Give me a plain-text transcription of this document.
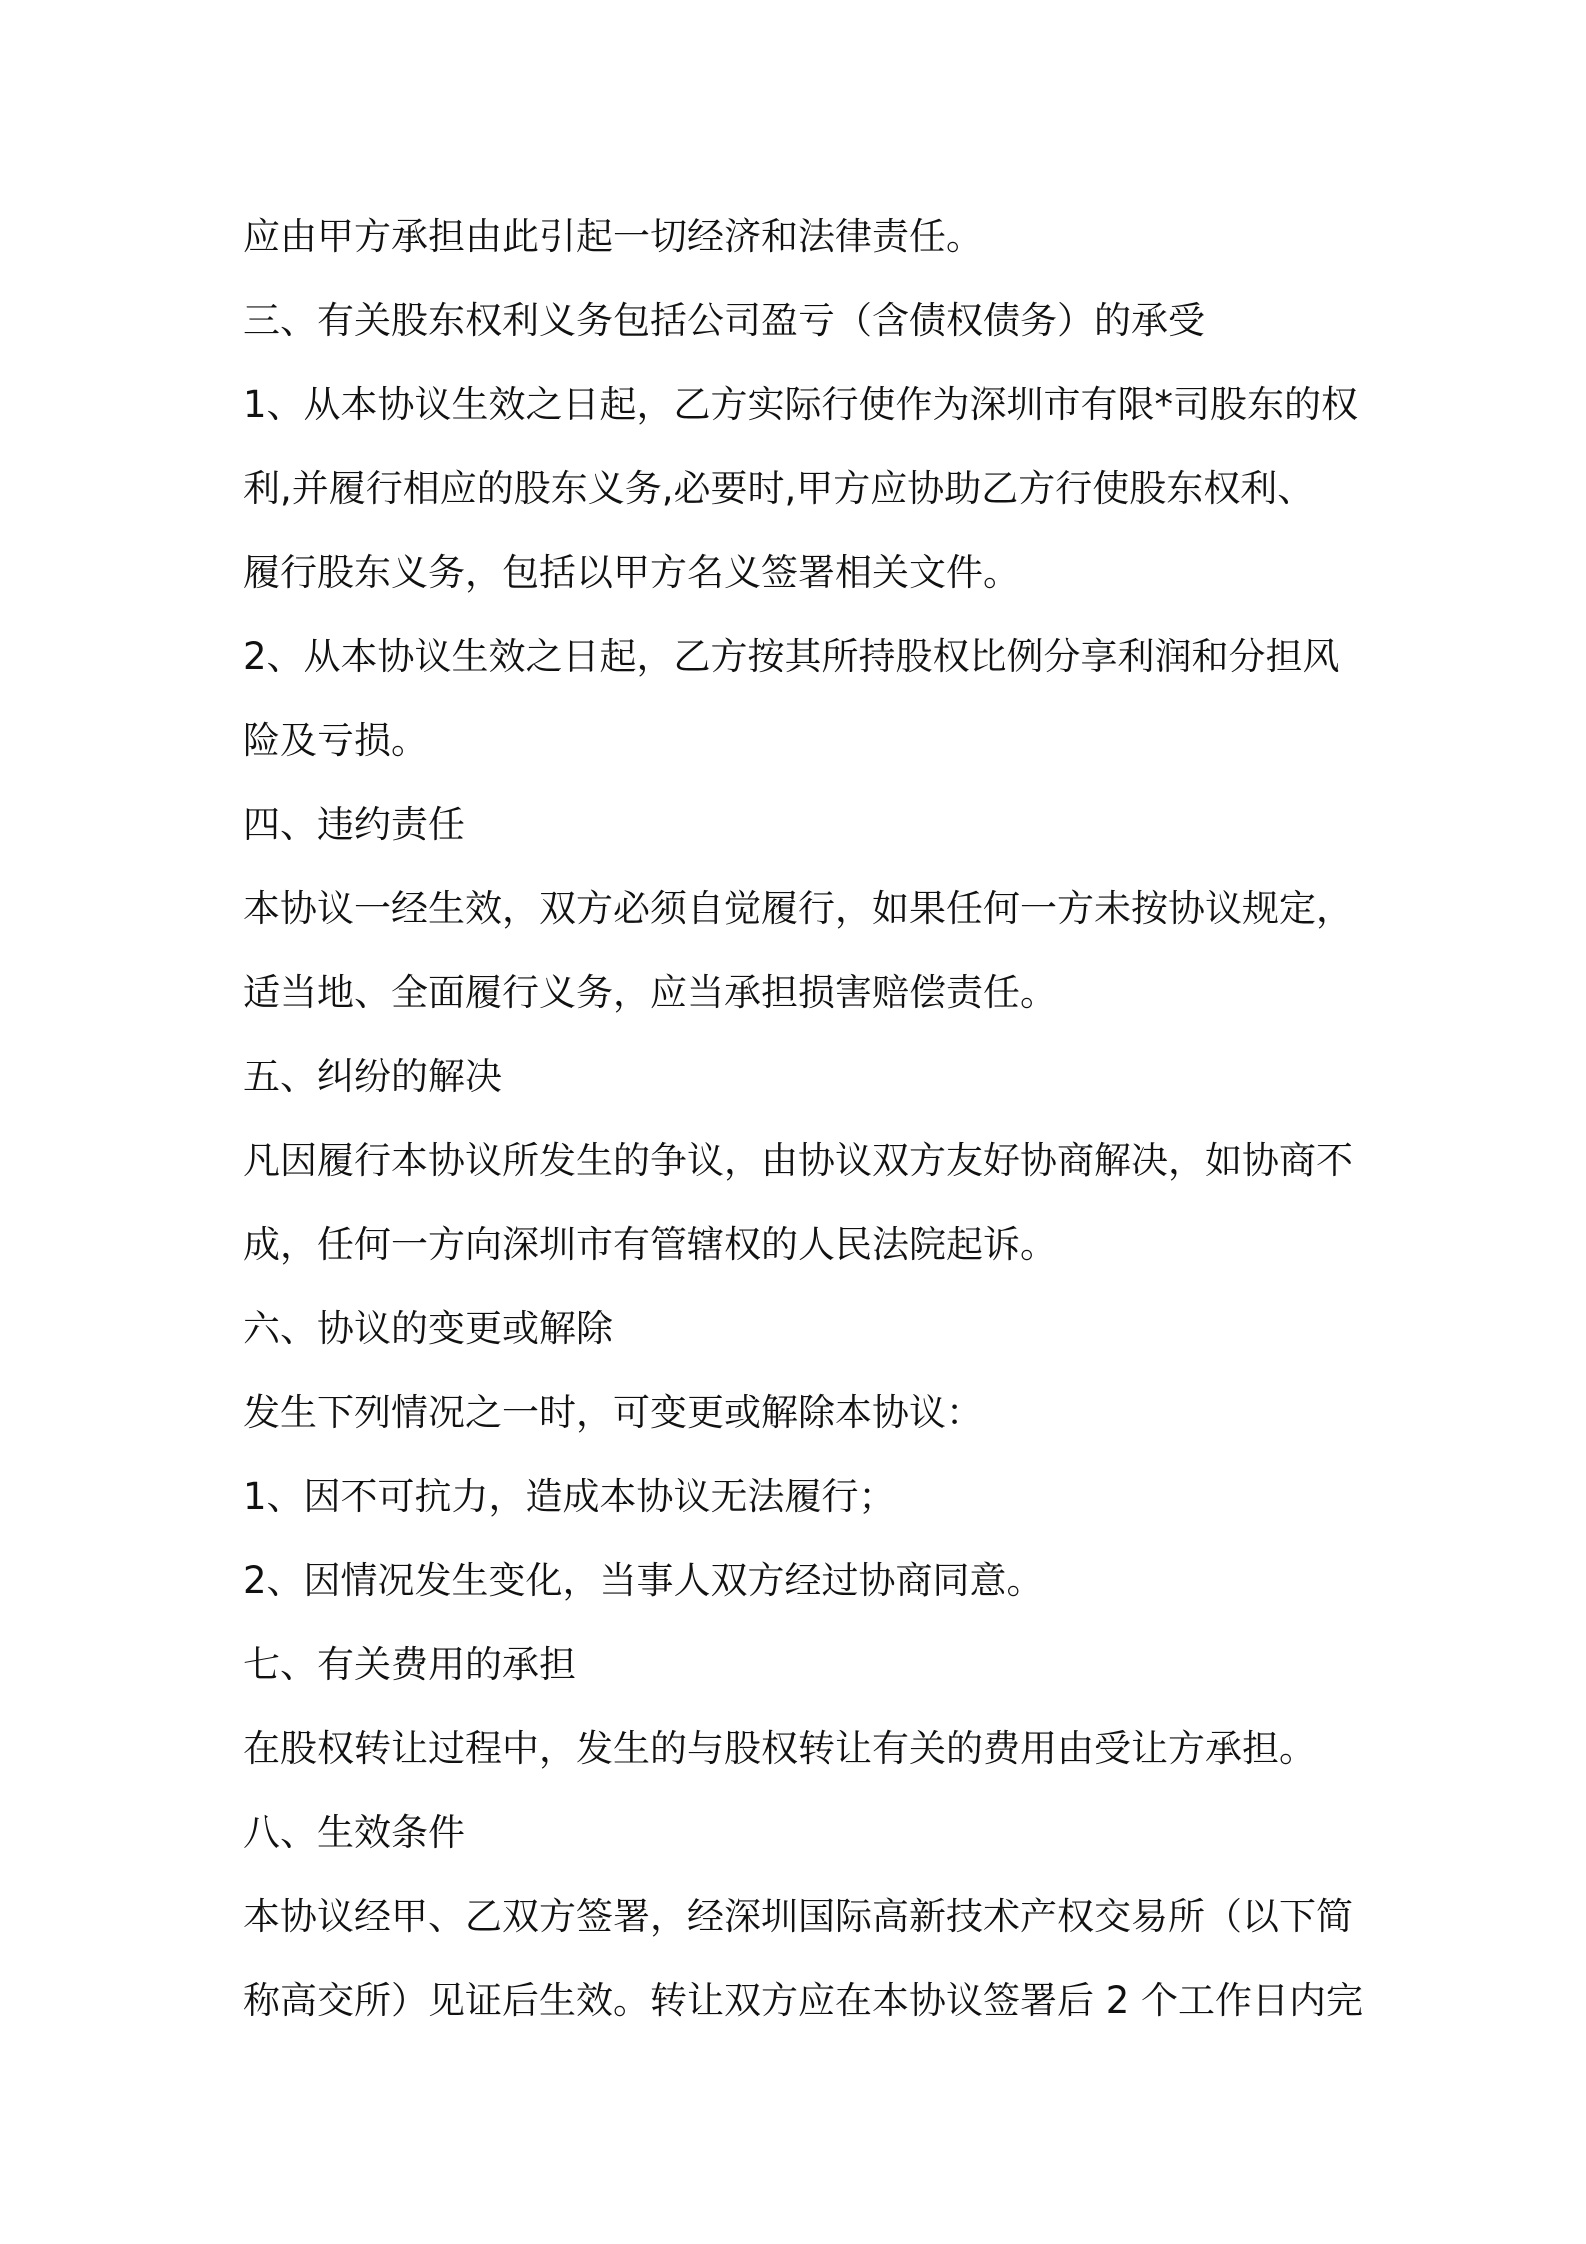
应由甲方承担由此引起一切经济和法律责任。
三、有关股东权利义务包括公司盈亏（含债权债务）的承受
1、从本协议生效之日起，乙方实际行使作为深圳市有限*司股东的权
利,并履行相应的股东义务,必要时,甲方应协助乙方行使股东权利、
履行股东义务，包括以甲方名义签署相关文件。
2、从本协议生效之日起，乙方按其所持股权比例分享利润和分担风
险及亏损。
四、违约责任
本协议一经生效，双方必须自觉履行，如果任何一方未按协议规定，
适当地、全面履行义务，应当承担损害赔偿责任。
五、纠纷的解决
凡因履行本协议所发生的争议，由协议双方友好协商解决，如协商不
成，任何一方向深圳市有管辖权的人民法院起诉。
六、协议的变更或解除
发生下列情况之一时，可变更或解除本协议：
1、因不可抗力，造成本协议无法履行；
2、因情况发生变化，当事人双方经过协商同意。
七、有关费用的承担
在股权转让过程中，发生的与股权转让有关的费用由受让方承担。
八、生效条件
本协议经甲、乙双方签署，经深圳国际高新技术产权交易所（以下简
称高交所）见证后生效。转让双方应在本协议签署后 2 个工作日内完
